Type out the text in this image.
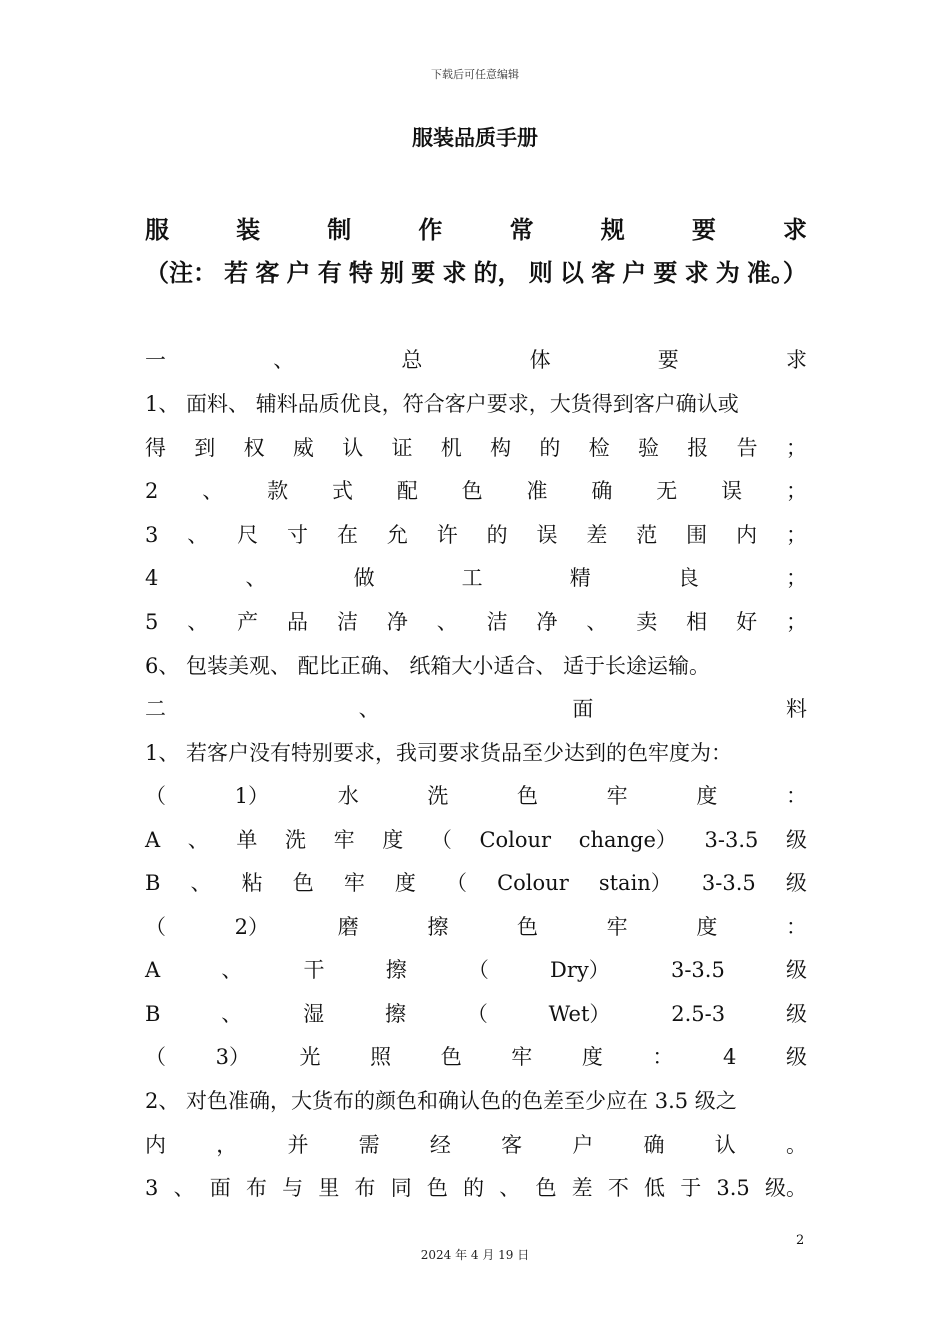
下载后可任意编辑
服装品质手册
服	装	制	作	常	规	要	求
（注： 若 客 户 有 特 别 要 求 的， 则 以 客 户 要 求 为 准。）
一	、	总	体	要	求
1、 面料、 辅料品质优良，符合客户要求，大货得到客户确认或
得 到 权 威 认 证 机 构 的 检 验 报 告 ；
2 、 款 式 配 色 准 确 无 误 ；
3 、 尺 寸 在 允 许 的 误 差 范 围 内 ；
4	、	做	工	精	良	；
5 、 产 品 洁 净 、 洁 净 、 卖 相 好 ；
6、 包装美观、 配比正确、 纸箱大小适合、 适于长途运输。
二	、	面	料
1、 若客户没有特别要求，我司要求货品至少达到的色牢度为：
（	1）	水	洗	色	牢	度	：
A 、 单 洗 牢 度 （ Colour change） 3-3.5 级
B 、 粘 色 牢 度 （ Colour stain） 3-3.5 级
（	2）	磨	擦	色	牢	度	：
A	、	干	擦	（	Dry）	3-3.5	级
B	、	湿	擦	（	Wet）	2.5-3	级
（ 3） 光 照 色 牢 度 ： 4 级
2、 对色准确，大货布的颜色和确认色的色差至少应在 3.5 级之
内 ， 并 需 经 客 户 确 认 。
3 、 面 布 与 里 布 同 色 的 、 色 差 不 低 于 3.5 级。
2
2024 年 4 月 19 日
